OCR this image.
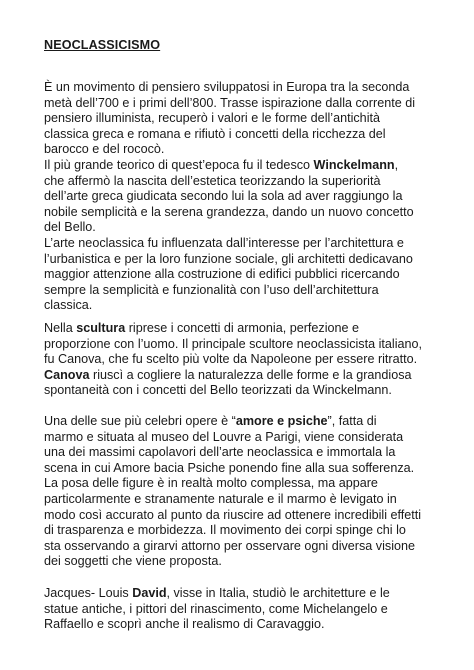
NEOCLASSICISMO
È un movimento di pensiero sviluppatosi in Europa tra la seconda
metà dell’700 e i primi dell’800. Trasse ispirazione dalla corrente di
pensiero illuminista, recuperò i valori e le forme dell’antichità
classica greca e romana e rifiutò i concetti della ricchezza del
barocco e del rococò.
Il più grande teorico di quest’epoca fu il tedesco Winckelmann,
che affermò la nascita dell’estetica teorizzando la superiorità
dell’arte greca giudicata secondo lui la sola ad aver raggiungo la
nobile semplicità e la serena grandezza, dando un nuovo concetto
del Bello.
L’arte neoclassica fu influenzata dall’interesse per l’architettura e
l’urbanistica e per la loro funzione sociale, gli architetti dedicavano
maggior attenzione alla costruzione di edifici pubblici ricercando
sempre la semplicità e funzionalità con l’uso dell’architettura
classica.
Nella scultura riprese i concetti di armonia, perfezione e
proporzione con l’uomo. Il principale scultore neoclassicista italiano,
fu Canova, che fu scelto più volte da Napoleone per essere ritratto.
Canova riuscì a cogliere la naturalezza delle forme e la grandiosa
spontaneità con i concetti del Bello teorizzati da Winckelmann.
Una delle sue più celebri opere è “amore e psiche”, fatta di
marmo e situata al museo del Louvre a Parigi, viene considerata
una dei massimi capolavori dell’arte neoclassica e immortala la
scena in cui Amore bacia Psiche ponendo fine alla sua sofferenza.
La posa delle figure è in realtà molto complessa, ma appare
particolarmente e stranamente naturale e il marmo è levigato in
modo così accurato al punto da riuscire ad ottenere incredibili effetti
di trasparenza e morbidezza. Il movimento dei corpi spinge chi lo
sta osservando a girarvi attorno per osservare ogni diversa visione
dei soggetti che viene proposta.
Jacques- Louis David, visse in Italia, studiò le architetture e le
statue antiche, i pittori del rinascimento, come Michelangelo e
Raffaello e scoprì anche il realismo di Caravaggio.
